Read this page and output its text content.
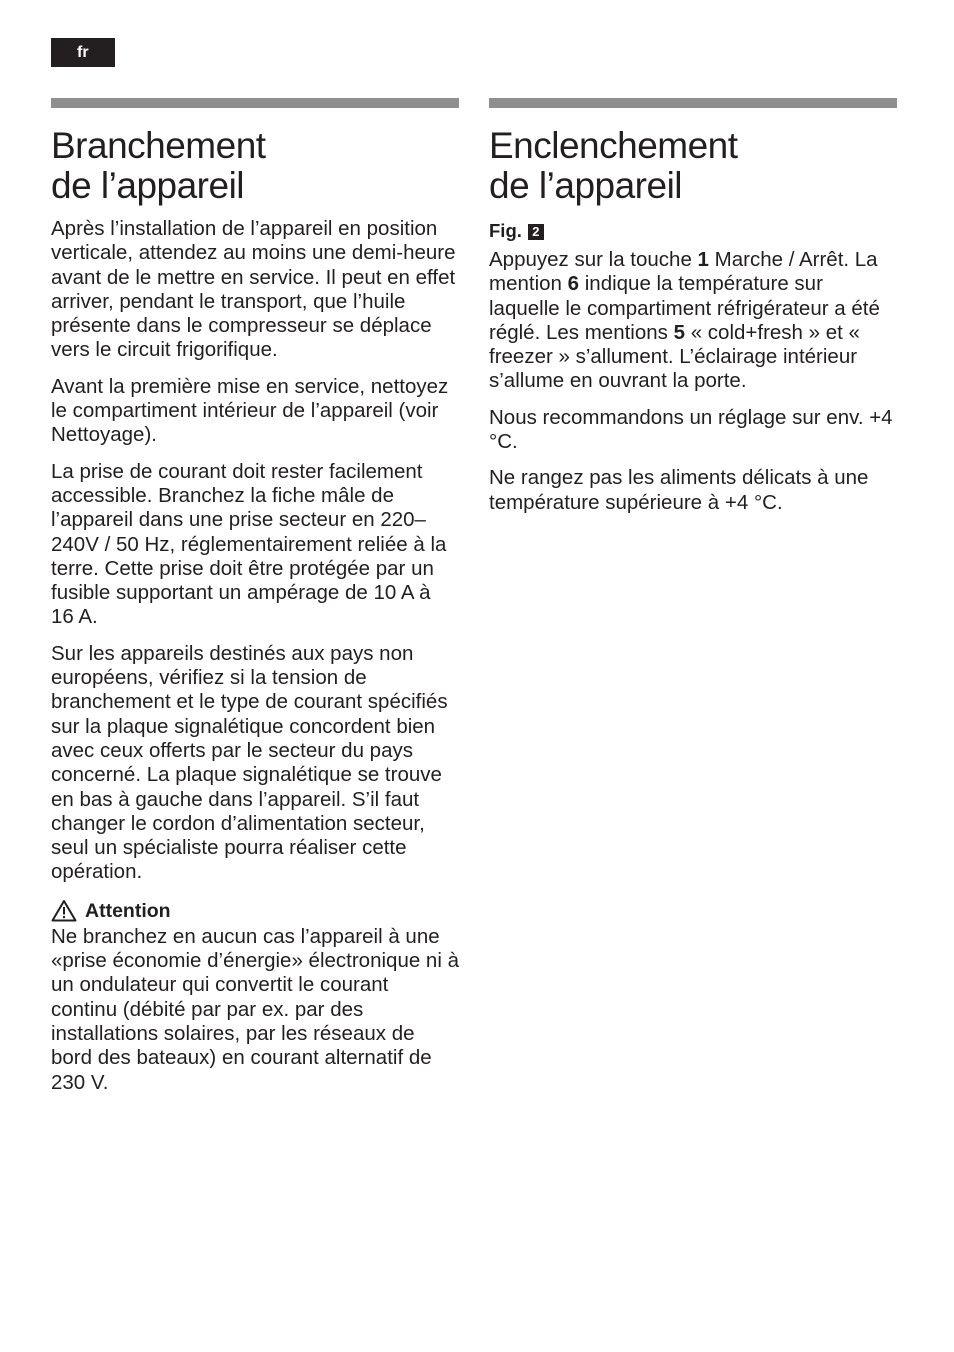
fr
Branchement
de l’appareil

Après l’installation de l’appareil en position verticale, attendez au moins une demi-heure avant de le mettre en service. Il peut en effet arriver, pendant le transport, que l’huile présente dans le compresseur se déplace vers le circuit frigorifique.

Avant la première mise en service, nettoyez le compartiment intérieur de l’appareil (voir Nettoyage).

La prise de courant doit rester facilement accessible. Branchez la fiche mâle de l’appareil dans une prise secteur en 220–240V / 50 Hz, réglementairement reliée à la terre. Cette prise doit être protégée par un fusible supportant un ampérage de 10 A à 16 A.

Sur les appareils destinés aux pays non européens, vérifiez si la tension de branchement et le type de courant spécifiés sur la plaque signalétique concordent bien avec ceux offerts par le secteur du pays concerné. La plaque signalétique se trouve en bas à gauche dans l’appareil. S’il faut changer le cordon d’alimentation secteur, seul un spécialiste pourra réaliser cette opération.

Attention

Ne branchez en aucun cas l’appareil à une «prise économie d’énergie» électronique ni à un ondulateur qui convertit le courant continu (débité par par ex. par des installations solaires, par les réseaux de bord des bateaux) en courant alternatif de 230 V.

Enclenchement
de l’appareil
Fig. 2

Appuyez sur la touche 1 Marche / Arrêt. La mention 6 indique la température sur laquelle le compartiment réfrigérateur a été réglé. Les mentions 5 « cold+fresh » et « freezer » s’allument. L’éclairage intérieur s’allume en ouvrant la porte.

Nous recommandons un réglage sur env. +4 °C.

Ne rangez pas les aliments délicats à une température supérieure à +4 °C.
